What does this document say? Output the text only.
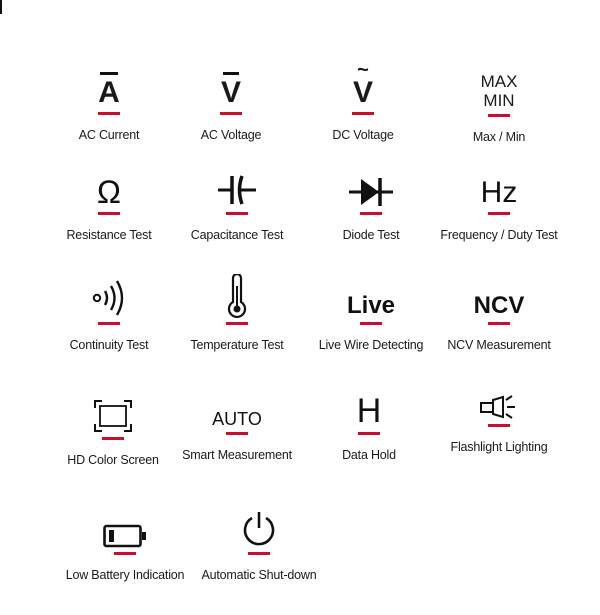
A
AC Current
V
AC Voltage
~
V
DC Voltage
MAX
MIN
Max / Min
Ω
Resistance Test	Capacitance Test	Diode Test
Hz
Frequency / Duty Test
Continuity Test	Temperature Test
Live
Live Wire Detecting
NCV
NCV Measurement
HD Color Screen
AUTO
Smart Measurement
H
Data Hold
Flashlight Lighting
Low Battery Indication	Automatic Shut-down
